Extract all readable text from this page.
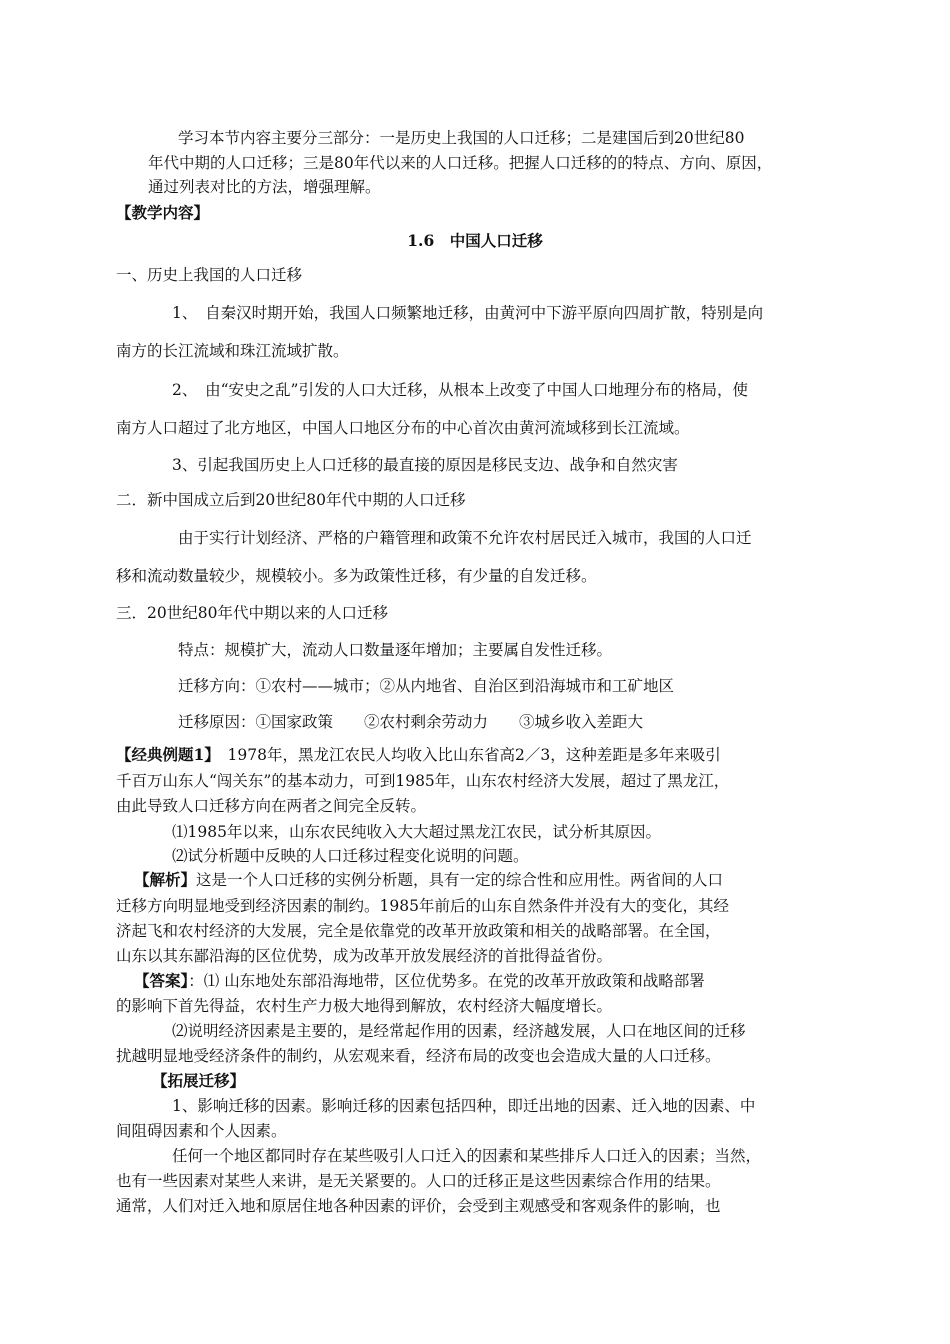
学习本节内容主要分三部分：一是历史上我国的人口迁移；二是建国后到20世纪80
年代中期的人口迁移；三是80年代以来的人口迁移。把握人口迁移的的特点、方向、原因，
通过列表对比的方法，增强理解。
【教学内容】
1.6　中国人口迁移
一、历史上我国的人口迁移
1、　自秦汉时期开始，我国人口频繁地迁移，由黄河中下游平原向四周扩散，特别是向
南方的长江流域和珠江流域扩散。
2、　由“安史之乱”引发的人口大迁移，从根本上改变了中国人口地理分布的格局，使
南方人口超过了北方地区，中国人口地区分布的中心首次由黄河流域移到长江流域。
3、引起我国历史上人口迁移的最直接的原因是移民支边、战争和自然灾害
二．新中国成立后到20世纪80年代中期的人口迁移
由于实行计划经济、严格的户籍管理和政策不允许农村居民迁入城市，我国的人口迁
移和流动数量较少，规模较小。多为政策性迁移，有少量的自发迁移。
三．20世纪80年代中期以来的人口迁移
特点：规模扩大，流动人口数量逐年增加；主要属自发性迁移。
迁移方向：①农村——城市；②从内地省、自治区到沿海城市和工矿地区
迁移原因：①国家政策　　②农村剩余劳动力　　③城乡收入差距大
【经典例题1】　1978年，黑龙江农民人均收入比山东省高2／3，这种差距是多年来吸引
千百万山东人“闯关东”的基本动力，可到1985年，山东农村经济大发展，超过了黑龙江，
由此导致人口迁移方向在两者之间完全反转。
⑴1985年以来，山东农民纯收入大大超过黑龙江农民，试分析其原因。
⑵试分析题中反映的人口迁移过程变化说明的问题。
【解析】这是一个人口迁移的实例分析题，具有一定的综合性和应用性。两省间的人口
迁移方向明显地受到经济因素的制约。1985年前后的山东自然条件并没有大的变化，其经
济起飞和农村经济的大发展，完全是依靠党的改革开放政策和相关的战略部署。在全国，
山东以其东鄙沿海的区位优势，成为改革开放发展经济的首批得益省份。
【答案】：⑴ 山东地处东部沿海地带，区位优势多。在党的改革开放政策和战略部署
的影响下首先得益，农村生产力极大地得到解放，农村经济大幅度增长。
⑵说明经济因素是主要的，是经常起作用的因素，经济越发展，人口在地区间的迁移
扰越明显地受经济条件的制约，从宏观来看，经济布局的改变也会造成大量的人口迁移。
【拓展迁移】
1、影响迁移的因素。影响迁移的因素包括四种，即迁出地的因素、迁入地的因素、中
间阻碍因素和个人因素。
任何一个地区都同时存在某些吸引人口迁入的因素和某些排斥人口迁入的因素；当然，
也有一些因素对某些人来讲，是无关紧要的。人口的迁移正是这些因素综合作用的结果。
通常，人们对迁入地和原居住地各种因素的评价，会受到主观感受和客观条件的影响，也
